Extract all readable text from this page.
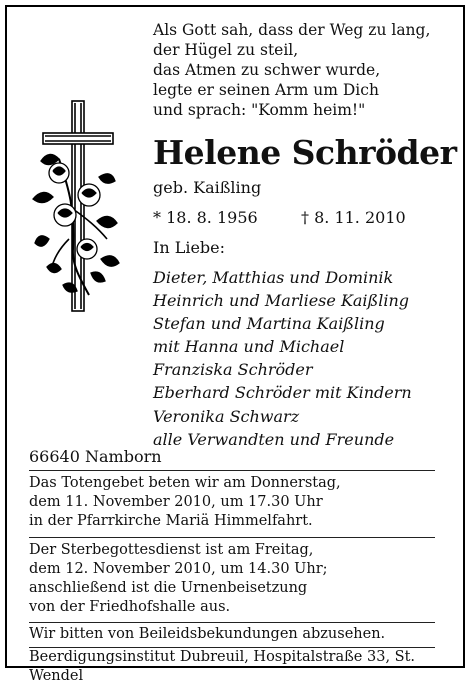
Als Gott sah, dass der Weg zu lang,
der Hügel zu steil,
das Atmen zu schwer wurde,
legte er seinen Arm um Dich
und sprach: "Komm heim!"
Helene Schröder
geb. Kaißling
* 18. 8. 1956	† 8. 11. 2010
In Liebe:
Dieter, Matthias und Dominik
Heinrich und Marliese Kaißling
Stefan und Martina Kaißling
mit Hanna und Michael
Franziska Schröder
Eberhard Schröder mit Kindern
Veronika Schwarz
alle Verwandten und Freunde
66640 Namborn
Das Totengebet beten wir am Donnerstag,
dem 11. November 2010, um 17.30 Uhr
in der Pfarrkirche Mariä Himmelfahrt.
Der Sterbegottesdienst ist am Freitag,
dem 12. November 2010, um 14.30 Uhr;
anschließend ist die Urnenbeisetzung
von der Friedhofshalle aus.
Wir bitten von Beileidsbekundungen abzusehen.
Beerdigungsinstitut Dubreuil, Hospitalstraße 33, St. Wendel
